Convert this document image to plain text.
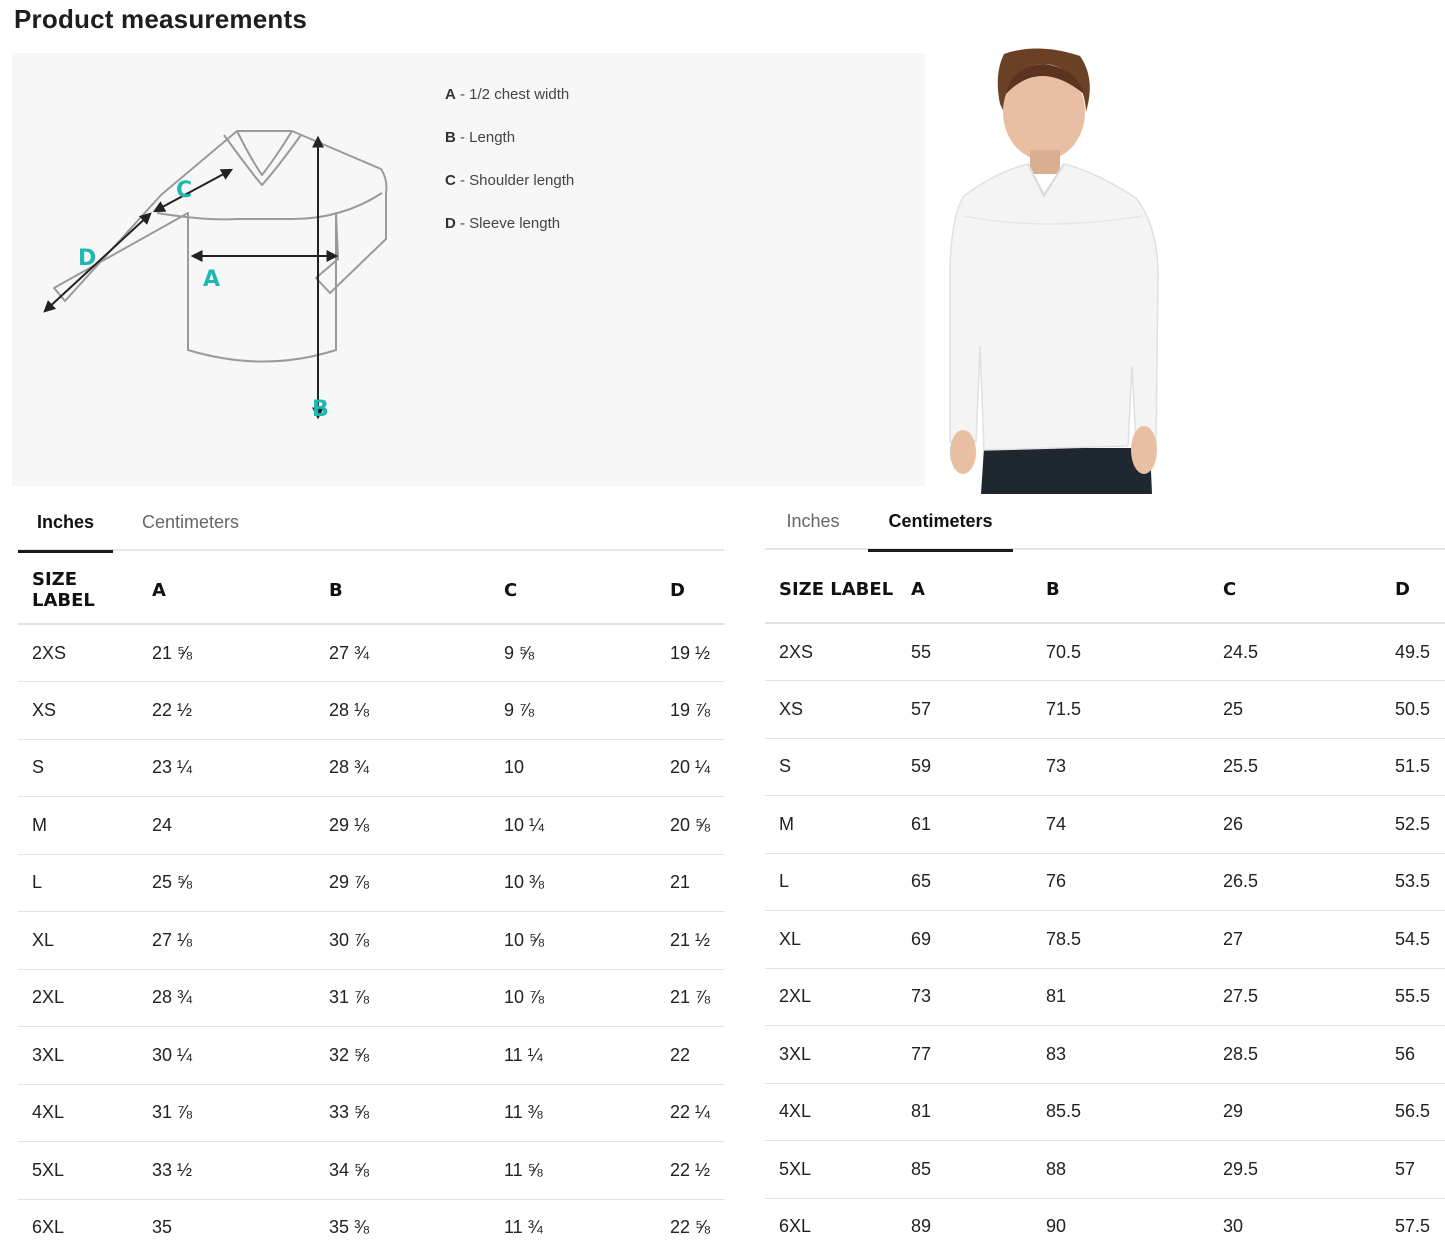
Product measurements
A
B
C
D
A - 1/2 chest width
B - Length
C - Shoulder length
D - Sleeve length
Inches	Centimeters
SIZE LABEL	A	B	C	D
2XS	21 ⅝	27 ¾	9 ⅝	19 ½
XS	22 ½	28 ⅛	9 ⅞	19 ⅞
S	23 ¼	28 ¾	10	20 ¼
M	24	29 ⅛	10 ¼	20 ⅝
L	25 ⅝	29 ⅞	10 ⅜	21
XL	27 ⅛	30 ⅞	10 ⅝	21 ½
2XL	28 ¾	31 ⅞	10 ⅞	21 ⅞
3XL	30 ¼	32 ⅝	11 ¼	22
4XL	31 ⅞	33 ⅝	11 ⅜	22 ¼
5XL	33 ½	34 ⅝	11 ⅝	22 ½
6XL	35	35 ⅜	11 ¾	22 ⅝
Inches	Centimeters
SIZE LABEL	A	B	C	D
2XS	55	70.5	24.5	49.5
XS	57	71.5	25	50.5
S	59	73	25.5	51.5
M	61	74	26	52.5
L	65	76	26.5	53.5
XL	69	78.5	27	54.5
2XL	73	81	27.5	55.5
3XL	77	83	28.5	56
4XL	81	85.5	29	56.5
5XL	85	88	29.5	57
6XL	89	90	30	57.5
